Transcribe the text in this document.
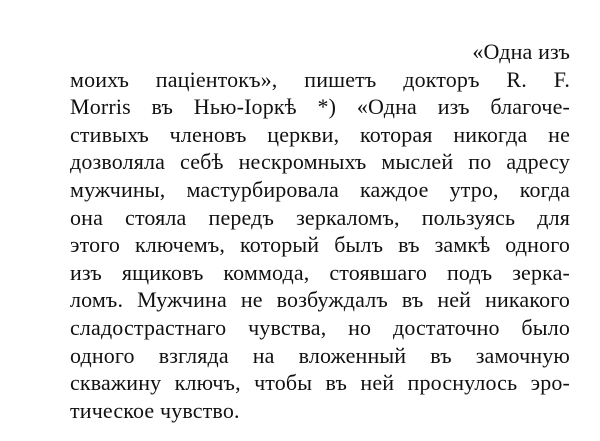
«Одна изъ
моихъ паціентокъ», пишетъ докторъ R. F.
Morris въ Нью-Іоркѣ *) «Одна изъ благоче-
стивыхъ членовъ церкви, которая никогда не
дозволяла себѣ нескромныхъ мыслей по адресу
мужчины, мастурбировала каждое утро, когда
она стояла передъ зеркаломъ, пользуясь для
этого ключемъ, который былъ въ замкѣ одного
изъ ящиковъ коммода, стоявшаго подъ зерка-
ломъ. Мужчина не возбуждалъ въ ней никакого
сладострастнаго чувства, но достаточно было
одного взгляда на вложенный въ замочную
скважину ключъ, чтобы въ ней проснулось эро-
тическое чувство.
